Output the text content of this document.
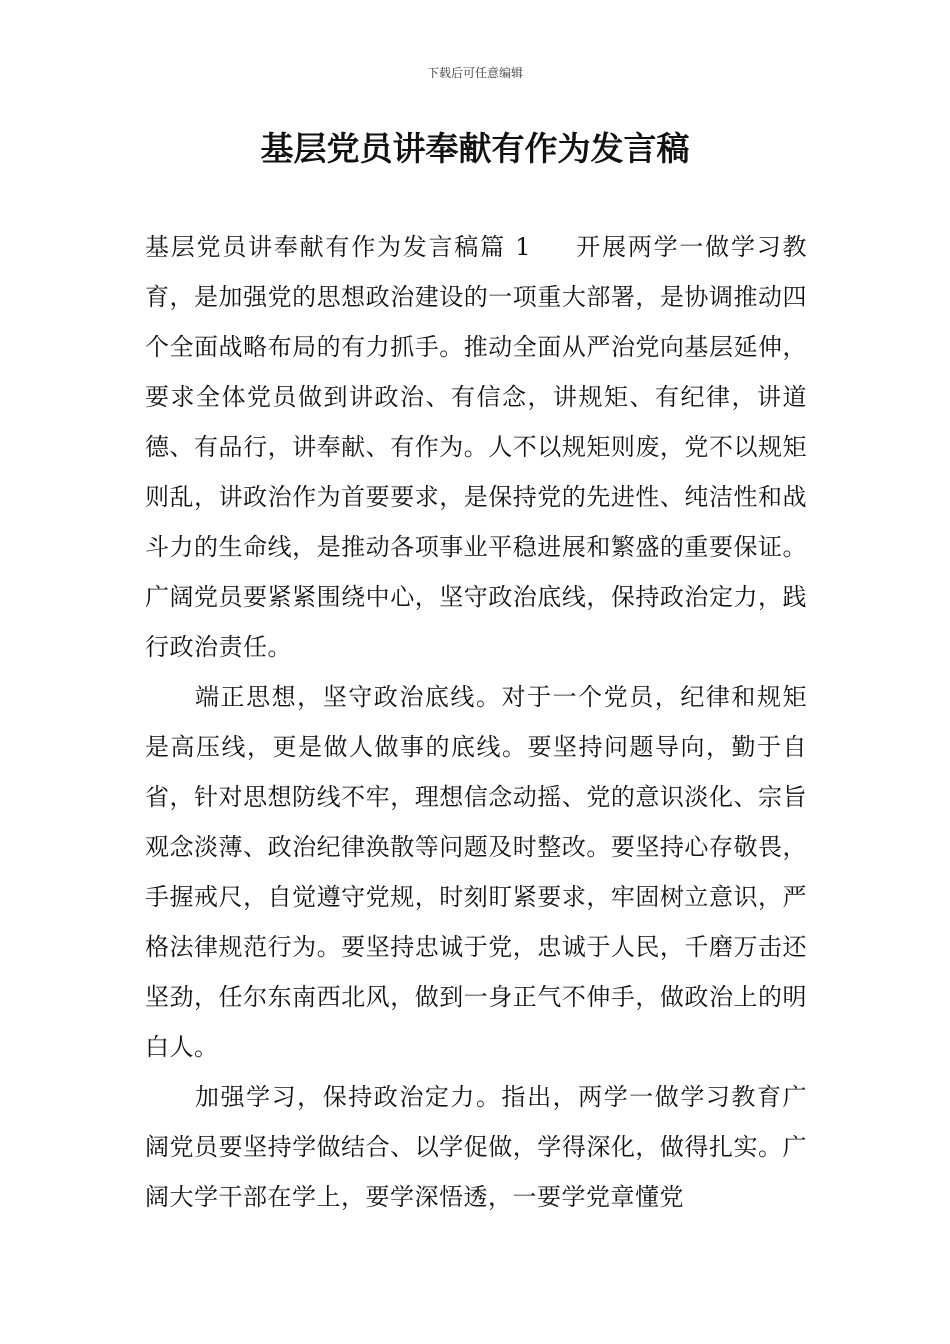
下载后可任意编辑
基层党员讲奉献有作为发言稿

基层党员讲奉献有作为发言稿篇 1 开展两学一做学习教育，是加强党的思想政治建设的一项重大部署，是协调推动四个全面战略布局的有力抓手。推动全面从严治党向基层延伸，要求全体党员做到讲政治、有信念，讲规矩、有纪律，讲道德、有品行，讲奉献、有作为。人不以规矩则废，党不以规矩则乱，讲政治作为首要要求，是保持党的先进性、纯洁性和战斗力的生命线，是推动各项事业平稳进展和繁盛的重要保证。广阔党员要紧紧围绕中心，坚守政治底线，保持政治定力，践行政治责任。

端正思想，坚守政治底线。对于一个党员，纪律和规矩是高压线，更是做人做事的底线。要坚持问题导向，勤于自省，针对思想防线不牢，理想信念动摇、党的意识淡化、宗旨观念淡薄、政治纪律涣散等问题及时整改。要坚持心存敬畏，手握戒尺，自觉遵守党规，时刻盯紧要求，牢固树立意识，严格法律规范行为。要坚持忠诚于党，忠诚于人民，千磨万击还坚劲，任尔东南西北风，做到一身正气不伸手，做政治上的明白人。

加强学习，保持政治定力。指出，两学一做学习教育广阔党员要坚持学做结合、以学促做，学得深化，做得扎实。广阔大学干部在学上，要学深悟透，一要学党章懂党
